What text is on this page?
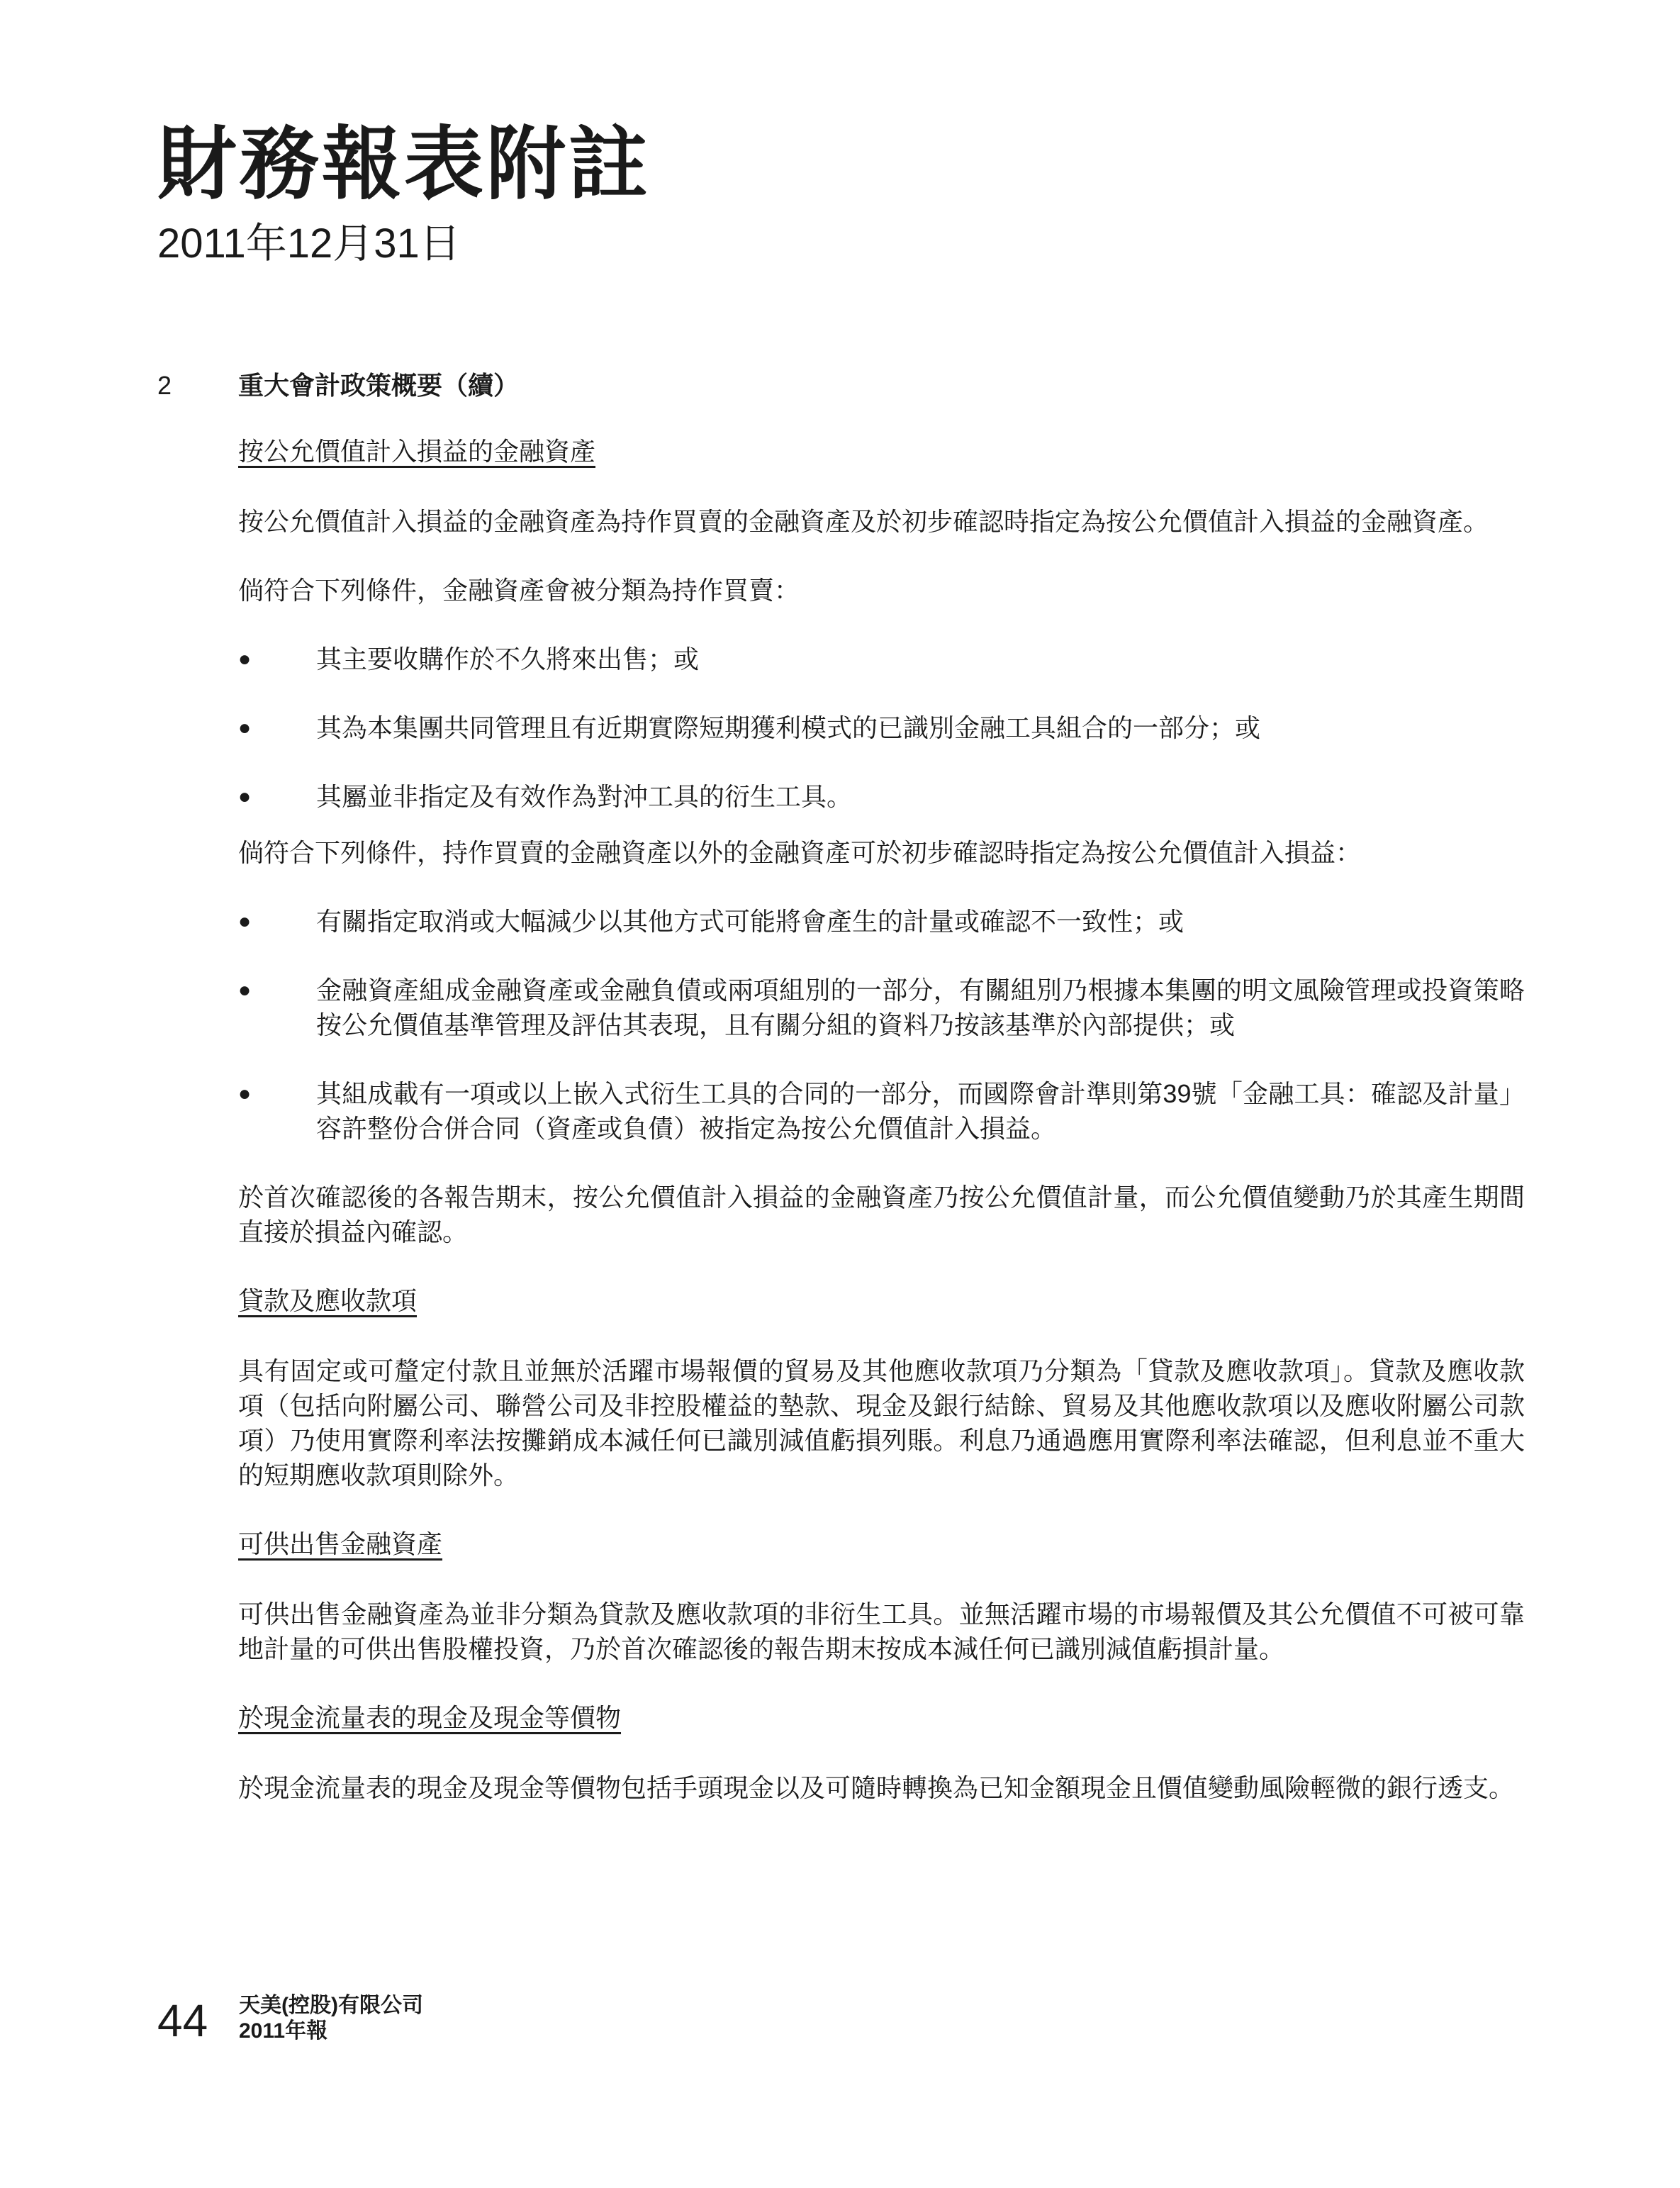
財務報表附註
2011年12月31日
2	重大會計政策概要（續）
按公允價值計入損益的金融資產

按公允價值計入損益的金融資產為持作買賣的金融資產及於初步確認時指定為按公允價值計入損益的金融資產。

倘符合下列條件，金融資產會被分類為持作買賣：

●	其主要收購作於不久將來出售；或
●	其為本集團共同管理且有近期實際短期獲利模式的已識別金融工具組合的一部分；或
●	其屬並非指定及有效作為對沖工具的衍生工具。

倘符合下列條件，持作買賣的金融資產以外的金融資產可於初步確認時指定為按公允價值計入損益：

●	有關指定取消或大幅減少以其他方式可能將會產生的計量或確認不一致性；或
●	金融資產組成金融資產或金融負債或兩項組別的一部分，有關組別乃根據本集團的明文風險管理或投資策略按公允價值基準管理及評估其表現，且有關分組的資料乃按該基準於內部提供；或
●	其組成載有一項或以上嵌入式衍生工具的合同的一部分，而國際會計準則第39號「金融工具：確認及計量」容許整份合併合同（資產或負債）被指定為按公允價值計入損益。

於首次確認後的各報告期末，按公允價值計入損益的金融資產乃按公允價值計量，而公允價值變動乃於其產生期間直接於損益內確認。

貸款及應收款項

具有固定或可釐定付款且並無於活躍市場報價的貿易及其他應收款項乃分類為「貸款及應收款項」。貸款及應收款項（包括向附屬公司、聯營公司及非控股權益的墊款、現金及銀行結餘、貿易及其他應收款項以及應收附屬公司款項）乃使用實際利率法按攤銷成本減任何已識別減值虧損列賬。利息乃通過應用實際利率法確認，但利息並不重大的短期應收款項則除外。

可供出售金融資產

可供出售金融資產為並非分類為貸款及應收款項的非衍生工具。並無活躍市場的市場報價及其公允價值不可被可靠地計量的可供出售股權投資，乃於首次確認後的報告期末按成本減任何已識別減值虧損計量。

於現金流量表的現金及現金等價物

於現金流量表的現金及現金等價物包括手頭現金以及可隨時轉換為已知金額現金且價值變動風險輕微的銀行透支。

44 天美(控股)有限公司
2011年報
